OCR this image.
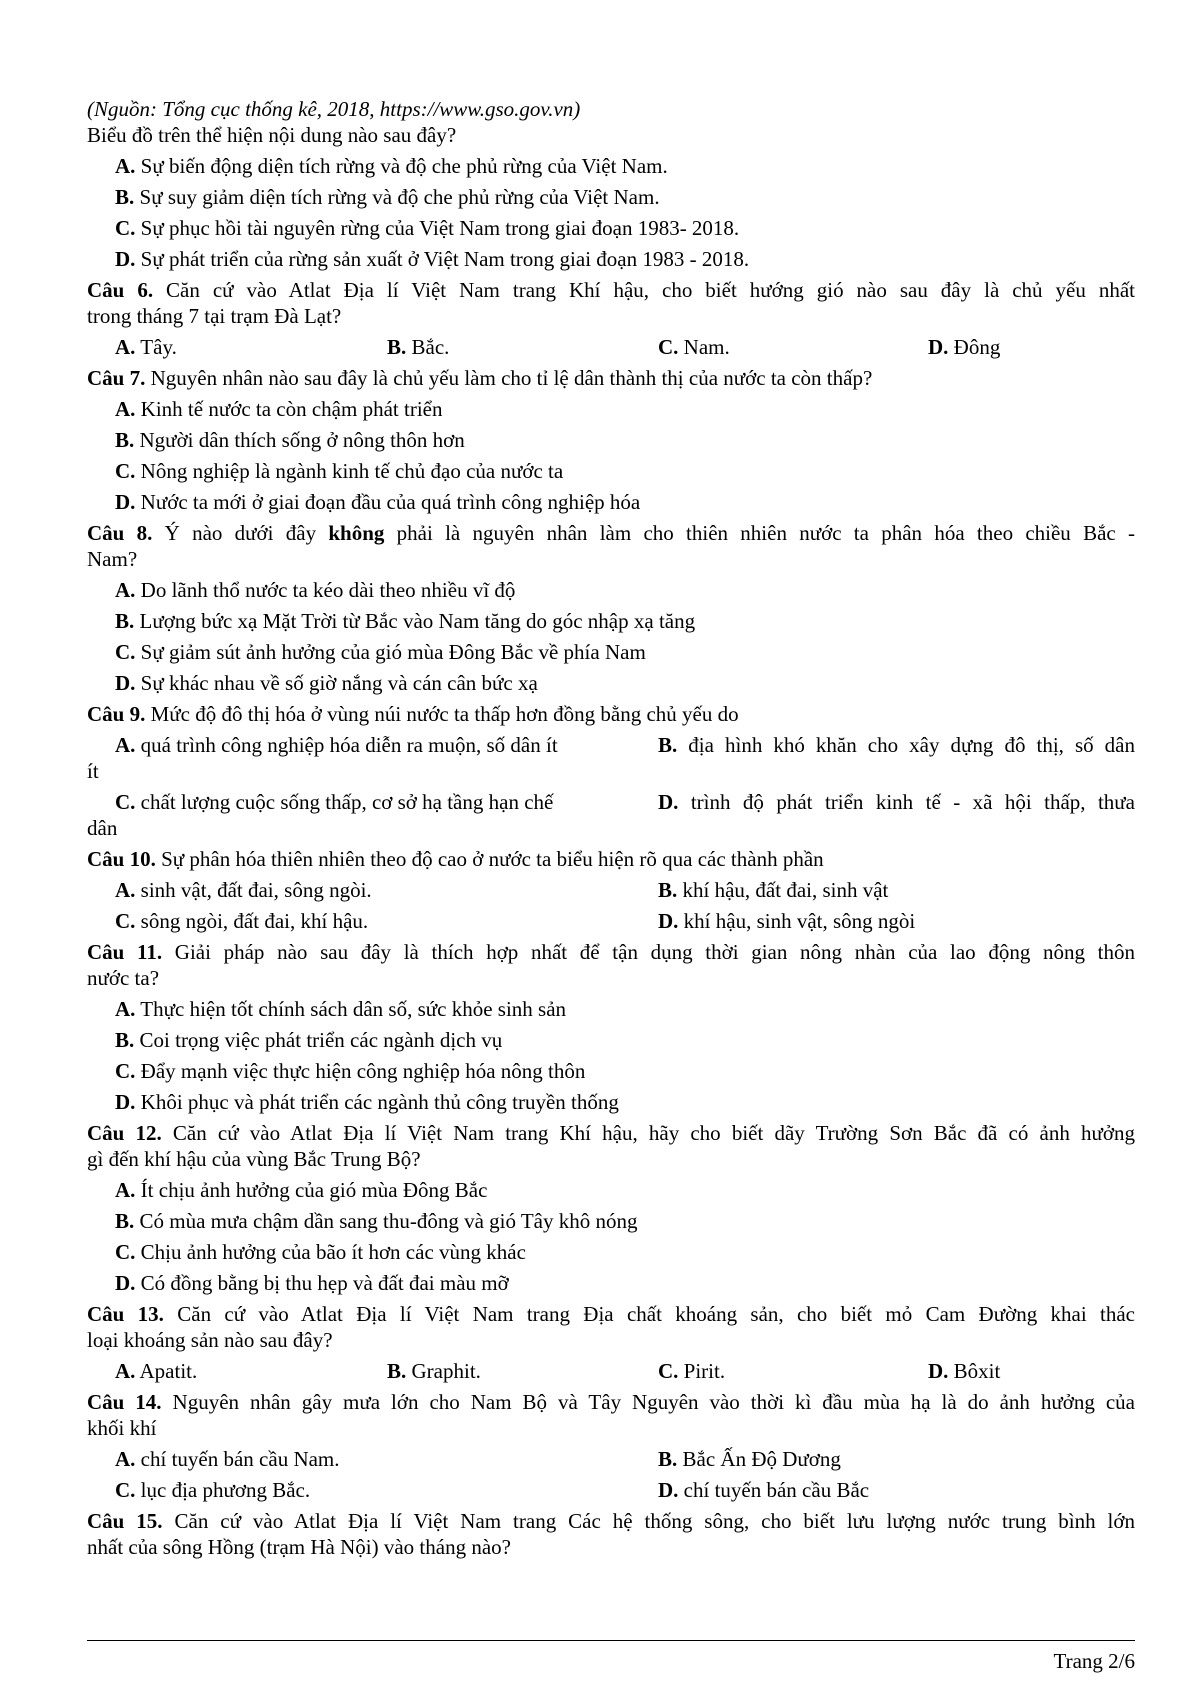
(Nguồn: Tổng cục thống kê, 2018, https://www.gso.gov.vn)
Biểu đồ trên thể hiện nội dung nào sau đây?
A. Sự biến động diện tích rừng và độ che phủ rừng của Việt Nam.
B. Sự suy giảm diện tích rừng và độ che phủ rừng của Việt Nam.
C. Sự phục hồi tài nguyên rừng của Việt Nam trong giai đoạn 1983- 2018.
D. Sự phát triển của rừng sản xuất ở Việt Nam trong giai đoạn 1983 - 2018.
Câu 6. Căn cứ vào Atlat Địa lí Việt Nam trang Khí hậu, cho biết hướng gió nào sau đây là chủ yếu nhất
trong tháng 7 tại trạm Đà Lạt?
A. Tây.	B. Bắc.	C. Nam.	D. Đông
Câu 7. Nguyên nhân nào sau đây là chủ yếu làm cho tỉ lệ dân thành thị của nước ta còn thấp?
A. Kinh tế nước ta còn chậm phát triển
B. Người dân thích sống ở nông thôn hơn
C. Nông nghiệp là ngành kinh tế chủ đạo của nước ta
D. Nước ta mới ở giai đoạn đầu của quá trình công nghiệp hóa
Câu 8. Ý nào dưới đây không phải là nguyên nhân làm cho thiên nhiên nước ta phân hóa theo chiều Bắc -
Nam?
A. Do lãnh thổ nước ta kéo dài theo nhiều vĩ độ
B. Lượng bức xạ Mặt Trời từ Bắc vào Nam tăng do góc nhập xạ tăng
C. Sự giảm sút ảnh hưởng của gió mùa Đông Bắc về phía Nam
D. Sự khác nhau về số giờ nắng và cán cân bức xạ
Câu 9. Mức độ đô thị hóa ở vùng núi nước ta thấp hơn đồng bằng chủ yếu do
A. quá trình công nghiệp hóa diễn ra muộn, số dân ít	B. địa hình khó khăn cho xây dựng đô thị, số dân
ít
C. chất lượng cuộc sống thấp, cơ sở hạ tầng hạn chế	D. trình độ phát triển kinh tế - xã hội thấp, thưa
dân
Câu 10. Sự phân hóa thiên nhiên theo độ cao ở nước ta biểu hiện rõ qua các thành phần
A. sinh vật, đất đai, sông ngòi.	B. khí hậu, đất đai, sinh vật
C. sông ngòi, đất đai, khí hậu.	D. khí hậu, sinh vật, sông ngòi
Câu 11. Giải pháp nào sau đây là thích hợp nhất để tận dụng thời gian nông nhàn của lao động nông thôn
nước ta?
A. Thực hiện tốt chính sách dân số, sức khỏe sinh sản
B. Coi trọng việc phát triển các ngành dịch vụ
C. Đẩy mạnh việc thực hiện công nghiệp hóa nông thôn
D. Khôi phục và phát triển các ngành thủ công truyền thống
Câu 12. Căn cứ vào Atlat Địa lí Việt Nam trang Khí hậu, hãy cho biết dãy Trường Sơn Bắc đã có ảnh hưởng
gì đến khí hậu của vùng Bắc Trung Bộ?
A. Ít chịu ảnh hưởng của gió mùa Đông Bắc
B. Có mùa mưa chậm dần sang thu-đông và gió Tây khô nóng
C. Chịu ảnh hưởng của bão ít hơn các vùng khác
D. Có đồng bằng bị thu hẹp và đất đai màu mỡ
Câu 13. Căn cứ vào Atlat Địa lí Việt Nam trang Địa chất khoáng sản, cho biết mỏ Cam Đường khai thác
loại khoáng sản nào sau đây?
A. Apatit.	B. Graphit.	C. Pirit.	D. Bôxit
Câu 14. Nguyên nhân gây mưa lớn cho Nam Bộ và Tây Nguyên vào thời kì đầu mùa hạ là do ảnh hưởng của
khối khí
A. chí tuyến bán cầu Nam.	B. Bắc Ấn Độ Dương
C. lục địa phương Bắc.	D. chí tuyến bán cầu Bắc
Câu 15. Căn cứ vào Atlat Địa lí Việt Nam trang Các hệ thống sông, cho biết lưu lượng nước trung bình lớn
nhất của sông Hồng (trạm Hà Nội) vào tháng nào?
Trang 2/6
